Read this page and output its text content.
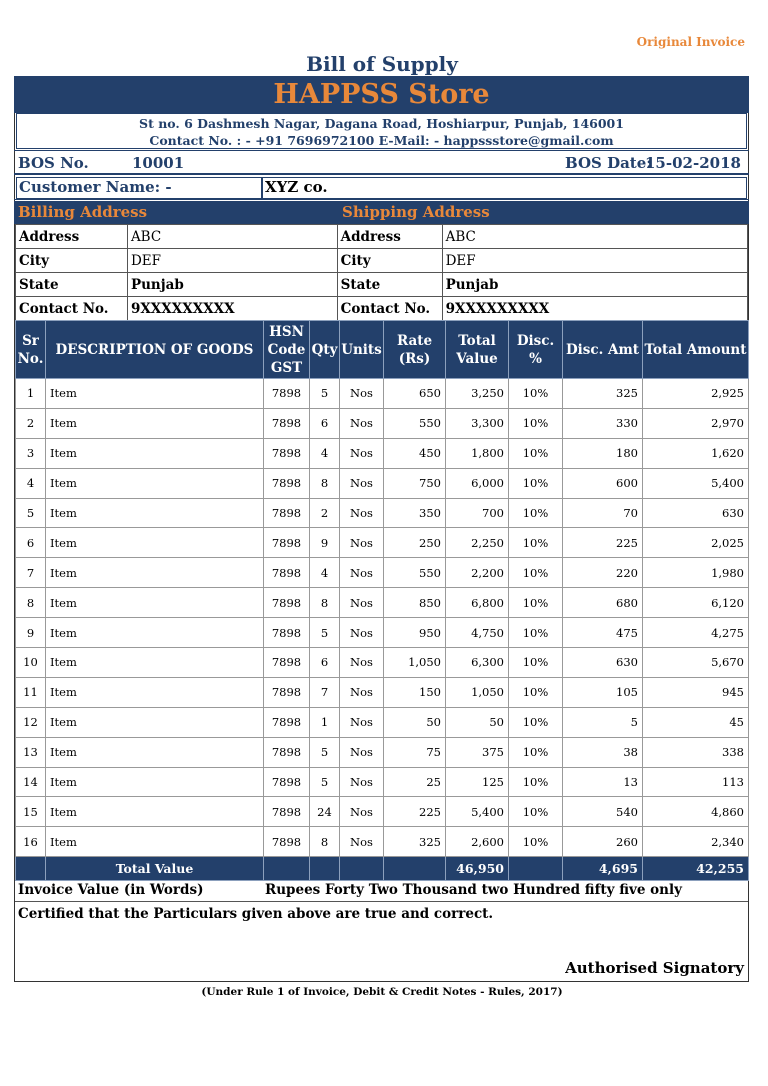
Original Invoice
Bill of Supply
HAPPSS Store
St no. 6 Dashmesh Nagar, Dagana Road, Hoshiarpur, Punjab, 146001
Contact No. : - +91 7696972100 E-Mail: - happssstore@gmail.com
BOS No.	10001	BOS Date:
15-02-2018
Customer Name: -	XYZ co.
Billing Address	Shipping Address
Address	ABC	Address	ABC
City	DEF	City	DEF
State	Punjab	State	Punjab
Contact No.	9XXXXXXXXX	Contact No.	9XXXXXXXXX
Sr No.	DESCRIPTION OF GOODS	HSN Code GST	Qty	Units	Rate (Rs)	Total Value	Disc. %	Disc. Amt	Total Amount
1	Item	7898	5	Nos	650	3,250	10%	325	2,925
2	Item	7898	6	Nos	550	3,300	10%	330	2,970
3	Item	7898	4	Nos	450	1,800	10%	180	1,620
4	Item	7898	8	Nos	750	6,000	10%	600	5,400
5	Item	7898	2	Nos	350	700	10%	70	630
6	Item	7898	9	Nos	250	2,250	10%	225	2,025
7	Item	7898	4	Nos	550	2,200	10%	220	1,980
8	Item	7898	8	Nos	850	6,800	10%	680	6,120
9	Item	7898	5	Nos	950	4,750	10%	475	4,275
10	Item	7898	6	Nos	1,050	6,300	10%	630	5,670
11	Item	7898	7	Nos	150	1,050	10%	105	945
12	Item	7898	1	Nos	50	50	10%	5	45
13	Item	7898	5	Nos	75	375	10%	38	338
14	Item	7898	5	Nos	25	125	10%	13	113
15	Item	7898	24	Nos	225	5,400	10%	540	4,860
16	Item	7898	8	Nos	325	2,600	10%	260	2,340
	Total Value					46,950		4,695	42,255
Invoice Value (in Words)	Rupees Forty Two Thousand two Hundred fifty five only
Certified that the Particulars given above are true and correct.
Authorised Signatory
(Under Rule 1 of Invoice, Debit & Credit Notes - Rules, 2017)
